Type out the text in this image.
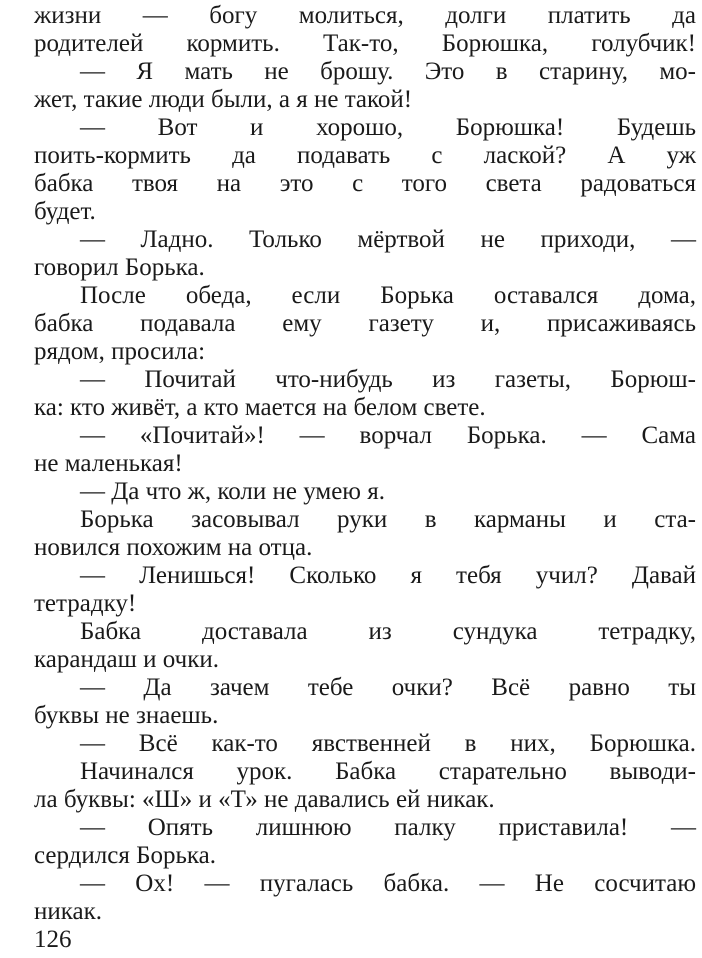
жизни — богу молиться, долги платить да
родителей кормить. Так-то, Борюшка, голубчик!
— Я мать не брошу. Это в старину, мо-
жет, такие люди были, а я не такой!
— Вот и хорошо, Борюшка! Будешь
поить-кормить да подавать с лаской? А уж
бабка твоя на это с того света радоваться
будет.
— Ладно. Только мёртвой не приходи, —
говорил Борька.
После обеда, если Борька оставался дома,
бабка подавала ему газету и, присаживаясь
рядом, просила:
— Почитай что-нибудь из газеты, Борюш-
ка: кто живёт, а кто мается на белом свете.
— «Почитай»! — ворчал Борька. — Сама
не маленькая!
— Да что ж, коли не умею я.
Борька засовывал руки в карманы и ста-
новился похожим на отца.
— Ленишься! Сколько я тебя учил? Давай
тетрадку!
Бабка доставала из сундука тетрадку,
карандаш и очки.
— Да зачем тебе очки? Всё равно ты
буквы не знаешь.
— Всё как-то явственней в них, Борюшка.
Начинался урок. Бабка старательно выводи-
ла буквы: «Ш» и «Т» не давались ей никак.
— Опять лишнюю палку приставила! —
сердился Борька.
— Ох! — пугалась бабка. — Не сосчитаю
никак.
126
